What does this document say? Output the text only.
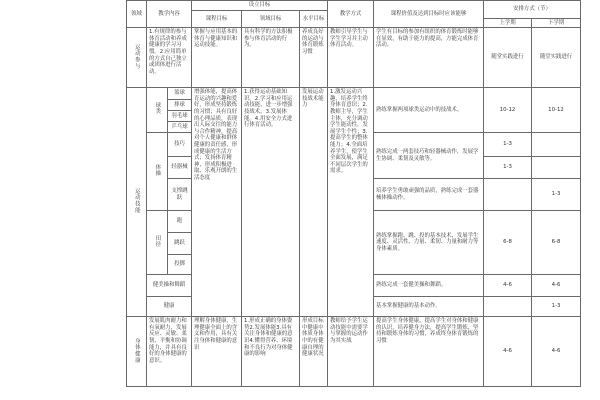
领域	教学内容		设立目标			教学方式	课程价值及达到目标时应该能够	安排方式（节）	
			课程目标	领域目标	水平目标				
								上学期	下学期
运动参与	1.有规律的参与体育活动和养成健康的学习习惯。2.应用简单的方式自己独立或团体进行活动。		掌握与应用基本的体育与健康知识和运动技能。	具有科学的方法积极参与体育活动的行为。	养成良好的运动与体育锻炼习惯	教师引导学生与学生学习并主动体育活动。	学生有目标的参加有组织的体育锻炼时能够在显效，有助于能力的提高，方能完成体育活动。	随堂实践进行	随堂实践进行
运动技能	球类	篮球	增强体能，提高体育运动的兴趣和爱好，形成坚持锻炼的习惯；具有良好的心理品质，表现出人际交往的能力与合作精神，提高对个人健康和群体健康的责任感，形成健康的生活方式；发扬体育精神，形成积极进取、乐观开朗的生活态度	1.获得运动基础知识。2.学习和应用运动技能，进一步增强技战术。3.发展体能。4.用安全方式进行体育活动。	发展运动技战术能力	1.激发运动兴趣，培养学生终身体育意识；2.教师主导，学生主体，充分调动学生能动性，发展学生个性；3.提高学生的整体能力；4.全面培养学生，使学生全面发展，满足不同层次学生的需求。	熟练掌握两项球类运动中的技战术。	10-12	10-12
		排球							
		羽毛球							
		乒乓球							
	体操	技巧					熟练完成一两套技巧和轻器械动作，发展学生协调、柔韧及灵敏等。	1-3	
		轻器械						1-3	
		支撑跳跃					培养学生勇敢顽强的品质，熟练完成一套器械体操动作。		1-3
	田径	跑					熟练掌握跑、跳、投的基本技术，发展学生速度、灵活性、力量、柔韧、力量和耐力等身体素质。	6-8	6-8
		跳跃							
		投掷							
	健美操和舞蹈						熟练完成一套健美操和舞蹈。	4-6	4-6
	健康						基本掌握健康的基本动作。		1-3
身体健康	发展肌肉耐力和有氧耐力，发展反应、灵敏、柔韧、平衡和协调能力，并具有良好的身体健康的意识。		理解身体健康，生理健康全面上的含义和作用，具有关注身体和健康的意识	1.形成正确的身体姿势2.发展体能3.具有关注身体和健康的意识4.懂得营养、环境和不良行为对身体健康的影响	形成目标中健康中体质身体中的有健康自理的健康状况	教师给予学生运动技能中需要学与掌握的运动作为其实战	提高学生身体健康，提高学生对身体和健康的认识，培养健身方法，提高学生锻炼，坚持和锻炼身体的习惯，养成终身体育锻炼的习惯	4-6	4-6
